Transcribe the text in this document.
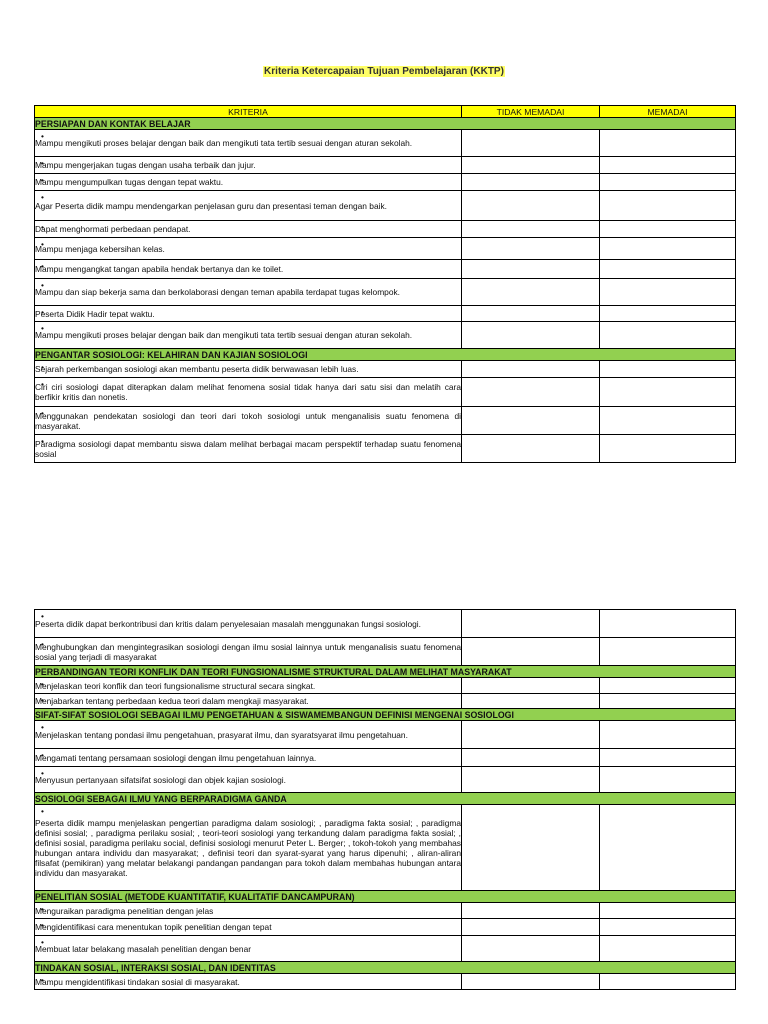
Kriteria Ketercapaian Tujuan Pembelajaran (KKTP)
KRITERIA	TIDAK MEMADAI	MEMADAI
PERSIAPAN DAN KONTAK BELAJAR		
• Mampu mengikuti proses belajar dengan baik dan mengikuti tata tertib sesuai dengan aturan sekolah.		
• Mampu mengerjakan tugas dengan usaha terbaik dan jujur.		
• Mampu mengumpulkan tugas dengan tepat waktu.		
• Agar Peserta didik mampu mendengarkan penjelasan guru dan presentasi teman dengan baik.		
• Dapat menghormati perbedaan pendapat.		
• Mampu menjaga kebersihan kelas.		
• Mampu mengangkat tangan apabila hendak bertanya dan ke toilet.		
• Mampu dan siap bekerja sama dan berkolaborasi dengan teman apabila terdapat tugas kelompok.		
• Peserta Didik Hadir tepat waktu.		
• Mampu mengikuti proses belajar dengan baik dan mengikuti tata tertib sesuai dengan aturan sekolah.		
PENGANTAR SOSIOLOGI: KELAHIRAN DAN KAJIAN SOSIOLOGI		
• Sejarah perkembangan sosiologi akan membantu peserta didik berwawasan lebih luas.		
• Ciri ciri sosiologi dapat diterapkan dalam melihat fenomena sosial tidak hanya dari satu sisi dan melatih cara berfikir kritis dan nonetis.		
• Menggunakan pendekatan sosiologi dan teori dari tokoh sosiologi untuk menganalisis suatu fenomena di masyarakat.		
• Paradigma sosiologi dapat membantu siswa dalam melihat berbagai macam perspektif terhadap suatu fenomena sosial		
• Peserta didik dapat berkontribusi dan kritis dalam penyelesaian masalah menggunakan fungsi sosiologi.		
• Menghubungkan dan mengintegrasikan sosiologi dengan ilmu sosial lainnya untuk menganalisis suatu fenomena sosial yang terjadi di masyarakat		
PERBANDINGAN TEORI KONFLIK DAN TEORI FUNGSIONALISME STRUKTURAL DALAM MELIHAT MASYARAKAT		
• Menjelaskan teori konflik dan teori fungsionalisme structural secara singkat.		
• Menjabarkan tentang perbedaan kedua teori dalam mengkaji masyarakat.		
SIFAT-SIFAT SOSIOLOGI SEBAGAI ILMU PENGETAHUAN & SISWAMEMBANGUN DEFINISI MENGENAI SOSIOLOGI		
• Menjelaskan tentang pondasi ilmu pengetahuan, prasyarat ilmu, dan syaratsyarat ilmu pengetahuan.		
• Mengamati tentang persamaan sosiologi dengan ilmu pengetahuan lainnya.		
• Menyusun pertanyaan sifatsifat sosiologi dan objek kajian sosiologi.		
SOSIOLOGI SEBAGAI ILMU YANG BERPARADIGMA GANDA		
• Peserta didik mampu menjelaskan pengertian paradigma dalam sosiologi; , paradigma fakta sosial; , paradigma definisi sosial; , paradigma perilaku sosial; , teori-teori sosiologi yang terkandung dalam paradigma fakta sosial; , definisi sosial, paradigma perilaku social, definisi sosiologi menurut Peter L. Berger; , tokoh-tokoh yang membahas hubungan antara individu dan masyarakat; , definisi teori dan syarat-syarat yang harus dipenuhi; , aliran-aliran filsafat (pemikiran) yang melatar belakangi pandangan pandangan para tokoh dalam membahas hubungan antara individu dan masyarakat.		
PENELITIAN SOSIAL (METODE KUANTITATIF, KUALITATIF DANCAMPURAN)		
• Menguraikan paradigma penelitian dengan jelas		
• Mengidentifikasi cara menentukan topik penelitian dengan tepat		
• Membuat latar belakang masalah penelitian dengan benar		
TINDAKAN SOSIAL, INTERAKSI SOSIAL, DAN IDENTITAS		
• Mampu mengidentifikasi tindakan sosial di masyarakat.		
